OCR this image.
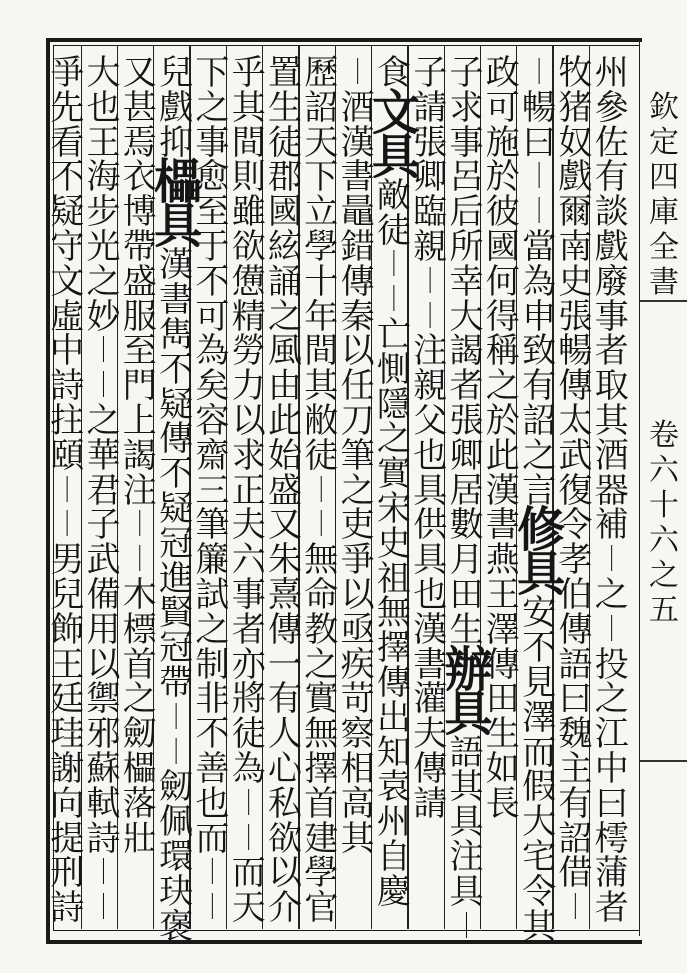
欽
定
四
庫
全
書
卷
六
十
六
之
五
州
參
佐
有
談
戲
廢
事
者
取
其
酒
器
補
｜
之
｜
投
之
江
中
曰
樗
蒲
者
牧
猪
奴
戲
爾
南
史
張
暢
傳
太
武
復
令
孝
伯
傳
語
曰
魏
主
有
詔
借
｜
｜
暢
曰
｜
｜
當
為
申
致
有
詔
之
言
修
具
安
不
見
澤
而
假
大
宅
令
其
政
可
施
於
彼
國
何
得
稱
之
於
此
漢
書
燕
王
澤
傳
田
生
如
長
子
求
事
呂
后
所
幸
大
謁
者
張
卿
居
數
月
田
生
辦
具
語
其
具
注
具
｜
子
請
張
卿
臨
親
｜
｜
注
親
父
也
具
供
具
也
漢
書
灌
夫
傳
請
食
文
具
敵
徒
｜
｜
亡
惻
隱
之
實
宋
史
祖
無
擇
傳
出
知
袁
州
自
慶
｜
酒
漢
書
鼂
錯
傳
秦
以
任
刀
筆
之
吏
爭
以
亟
疾
苛
察
相
高
其
歷
詔
天
下
立
學
十
年
間
其
敝
徒
｜
｜
無
命
教
之
實
無
擇
首
建
學
官
置
生
徒
郡
國
絃
誦
之
風
由
此
始
盛
又
朱
熹
傳
一
有
人
心
私
欲
以
介
乎
其
間
則
雖
欲
憊
精
勞
力
以
求
正
夫
六
事
者
亦
將
徒
為
｜
｜
而
天
下
之
事
愈
至
于
不
可
為
矣
容
齋
三
筆
簾
試
之
制
非
不
善
也
而
｜
｜
兒
戲
抑
櫑
具
漢
書
雋
不
疑
傳
不
疑
冠
進
賢
冠
帶
｜
｜
劒
佩
環
玦
褒
又
甚
焉
衣
博
帶
盛
服
至
門
上
謁
注
｜
｜
木
標
首
之
劒
櫑
落
壯
大
也
王
海
步
光
之
妙
｜
｜
之
華
君
子
武
備
用
以
禦
邪
蘇
軾
詩
｜
｜
爭
先
看
不
疑
守
文
虛
中
詩
拄
頤
｜
｜
男
兒
飾
王
廷
珪
謝
向
提
刑
詩
